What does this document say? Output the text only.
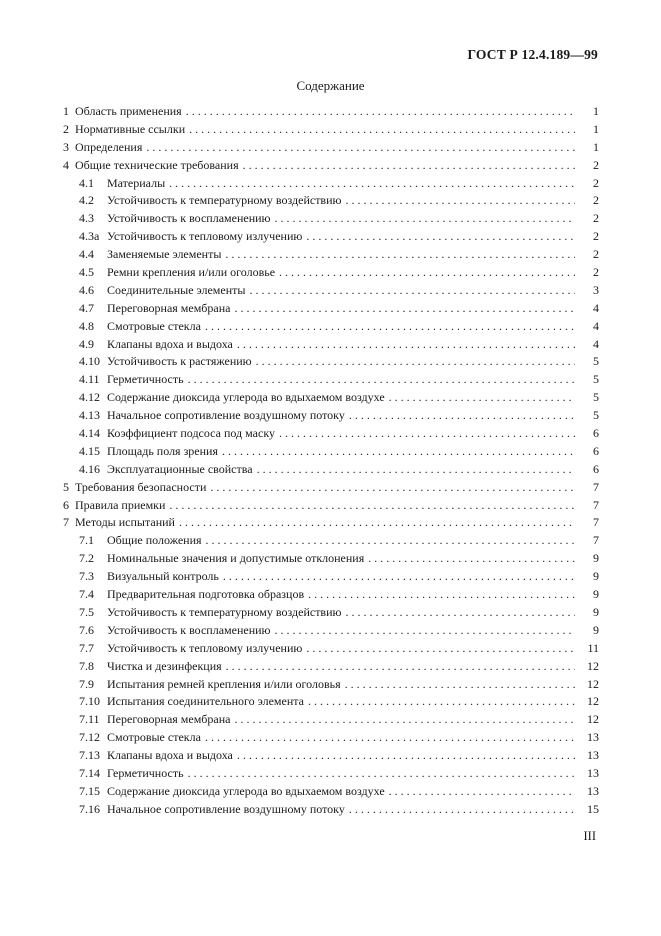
ГОСТ Р 12.4.189—99
Содержание
1 Область применения . . .	1
2 Нормативные ссылки . . .	1
3 Определения . . .	1
4 Общие технические требования . . .	2
4.1	Материалы . . .	2
4.2	Устойчивость к температурному воздействию . . .	2
4.3	Устойчивость к воспламенению . . .	2
4.3а Устойчивость к тепловому излучению . . .	2
4.4	Заменяемые элементы . . .	2
4.5	Ремни крепления и/или оголовье . . .	2
4.6	Соединительные элементы . . .	3
4.7	Переговорная мембрана . . .	4
4.8	Смотровые стекла . . .	4
4.9	Клапаны вдоха и выдоха . . .	4
4.10 Устойчивость к растяжению . . .	5
4.11 Герметичность . . .	5
4.12 Содержание диоксида углерода во вдыхаемом воздухе . . .	5
4.13 Начальное сопротивление воздушному потоку . . .	5
4.14 Коэффициент подсоса под маску . . .	6
4.15 Площадь поля зрения . . .	6
4.16 Эксплуатационные свойства . . .	6
5 Требования безопасности . . .	7
6 Правила приемки . . .	7
7 Методы испытаний . . .	7
7.1	Общие положения . . .	7
7.2	Номинальные значения и допустимые отклонения . . .	9
7.3	Визуальный контроль . . .	9
7.4	Предварительная подготовка образцов . . .	9
7.5	Устойчивость к температурному воздействию . . .	9
7.6	Устойчивость к воспламенению . . .	9
7.7	Устойчивость к тепловому излучению . . .	11
7.8	Чистка и дезинфекция . . .	12
7.9	Испытания ремней крепления и/или оголовья . . .	12
7.10 Испытания соединительного элемента . . .	12
7.11 Переговорная мембрана . . .	12
7.12 Смотровые стекла . . .	13
7.13 Клапаны вдоха и выдоха . . .	13
7.14 Герметичность . . .	13
7.15 Содержание диоксида углерода во вдыхаемом воздухе . . .	13
7.16 Начальное сопротивление воздушному потоку . . .	15
III
